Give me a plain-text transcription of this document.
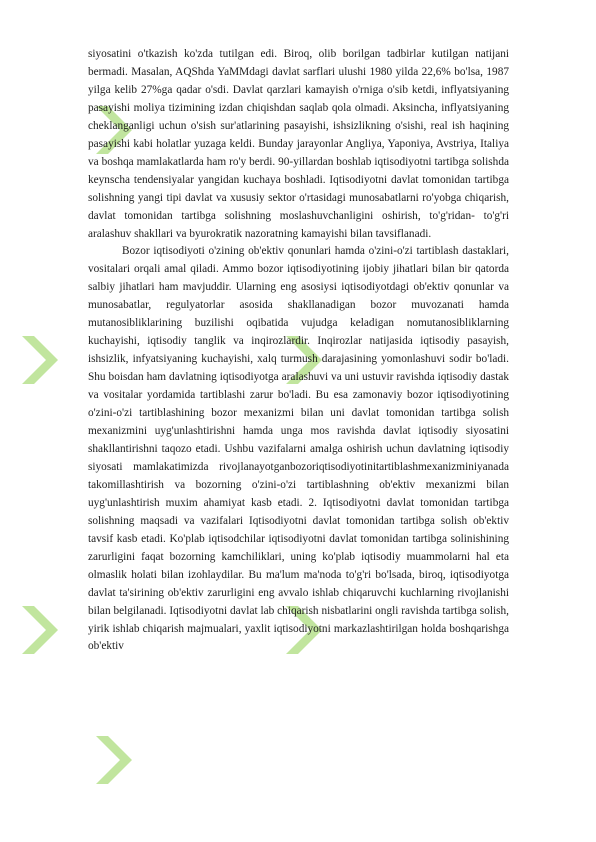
siyosatini o'tkazish ko'zda tutilgan edi. Biroq, olib borilgan tadbirlar kutilgan natijani bermadi. Masalan, AQShda YaMMdagi davlat sarflari ulushi 1980 yilda 22,6% bo'lsa, 1987 yilga kelib 27%ga qadar o'sdi. Davlat qarzlari kamayish o'rniga o'sib ketdi, inflyatsiyaning pasayishi moliya tizimining izdan chiqishdan saqlab qola olmadi. Aksincha, inflyatsiyaning cheklanganligi uchun o'sish sur'atlarining pasayishi, ishsizlikning o'sishi, real ish haqining pasayishi kabi holatlar yuzaga keldi. Bunday jarayonlar Angliya, Yaponiya, Avstriya, Italiya va boshqa mamlakatlarda ham ro'y berdi. 90-yillardan boshlab iqtisodiyotni tartibga solishda keynscha tendensiyalar yangidan kuchaya boshladi. Iqtisodiyotni davlat tomonidan tartibga solishning yangi tipi davlat va xususiy sektor o'rtasidagi munosabatlarni ro'yobga chiqarish, davlat tomonidan tartibga solishning moslashuvchanligini oshirish, to'g'ridan- to'g'ri aralashuv shakllari va byurokratik nazoratning kamayishi bilan tavsiflanadi.

Bozor iqtisodiyoti o'zining ob'ektiv qonunlari hamda o'zini-o'zi tartiblash dastaklari, vositalari orqali amal qiladi. Ammo bozor iqtisodiyotining ijobiy jihatlari bilan bir qatorda salbiy jihatlari ham mavjuddir. Ularning eng asosiysi iqtisodiyotdagi ob'ektiv qonunlar va munosabatlar, regulyatorlar asosida shakllanadigan bozor muvozanati hamda mutanosibliklarining buzilishi oqibatida vujudga keladigan nomutanosibliklarning kuchayishi, iqtisodiy tanglik va inqirozlardir. Inqirozlar natijasida iqtisodiy pasayish, ishsizlik, infyatsiyaning kuchayishi, xalq turmush darajasining yomonlashuvi sodir bo'ladi. Shu boisdan ham davlatning iqtisodiyotga aralashuvi va uni ustuvir ravishda iqtisodiy dastak va vositalar yordamida tartiblashi zarur bo'ladi. Bu esa zamonaviy bozor iqtisodiyotining o'zini-o'zi tartiblashining bozor mexanizmi bilan uni davlat tomonidan tartibga solish mexanizmini uyg'unlashtirishni hamda unga mos ravishda davlat iqtisodiy siyosatini shakllantirishni taqozo etadi. Ushbu vazifalarni amalga oshirish uchun davlatning iqtisodiy siyosati mamlakatimizda rivojlanayotganbozoriqtisodiyotinitartiblashmexanizminiyanada takomillashtirish va bozorning o'zini-o'zi tartiblashning ob'ektiv mexanizmi bilan uyg'unlashtirish muxim ahamiyat kasb etadi. 2. Iqtisodiyotni davlat tomonidan tartibga solishning maqsadi va vazifalari Iqtisodiyotni davlat tomonidan tartibga solish ob'ektiv tavsif kasb etadi. Ko'plab iqtisodchilar iqtisodiyotni davlat tomonidan tartibga solinishining zarurligini faqat bozorning kamchiliklari, uning ko'plab iqtisodiy muammolarni hal eta olmaslik holati bilan izohlaydilar. Bu ma'lum ma'noda to'g'ri bo'lsada, biroq, iqtisodiyotga davlat ta'sirining ob'ektiv zarurligini eng avvalo ishlab chiqaruvchi kuchlarning rivojlanishi bilan belgilanadi. Iqtisodiyotni davlat lab chiqarish nisbatlarini ongli ravishda tartibga solish, yirik ishlab chiqarish majmualari, yaxlit iqtisodiyotni markazlashtirilgan holda boshqarishga ob'ektiv
